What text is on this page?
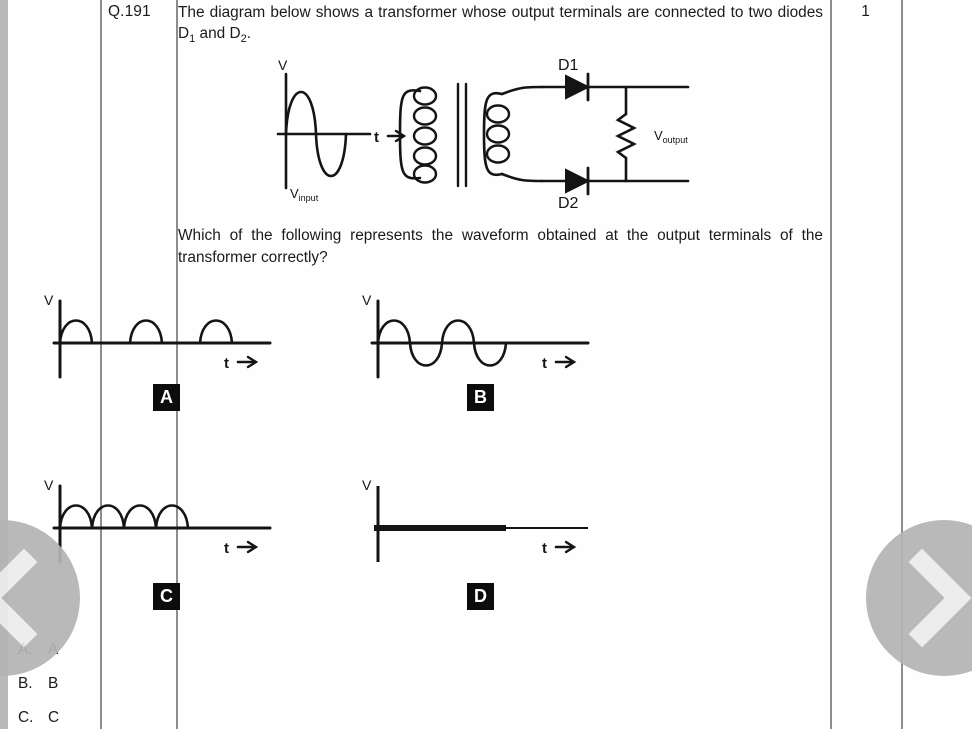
Q.191	1
The diagram below shows a transformer whose output terminals are connected to two diodes $D_1$ and $D_2$.
V
t
$V_{input}$
D1
D2
$V_{output}$
Which of the following represents the waveform obtained at the output terminals of the transformer correctly?
V
t
V
t
V
t
V
t
A	B
C	D
B. B
C. C
